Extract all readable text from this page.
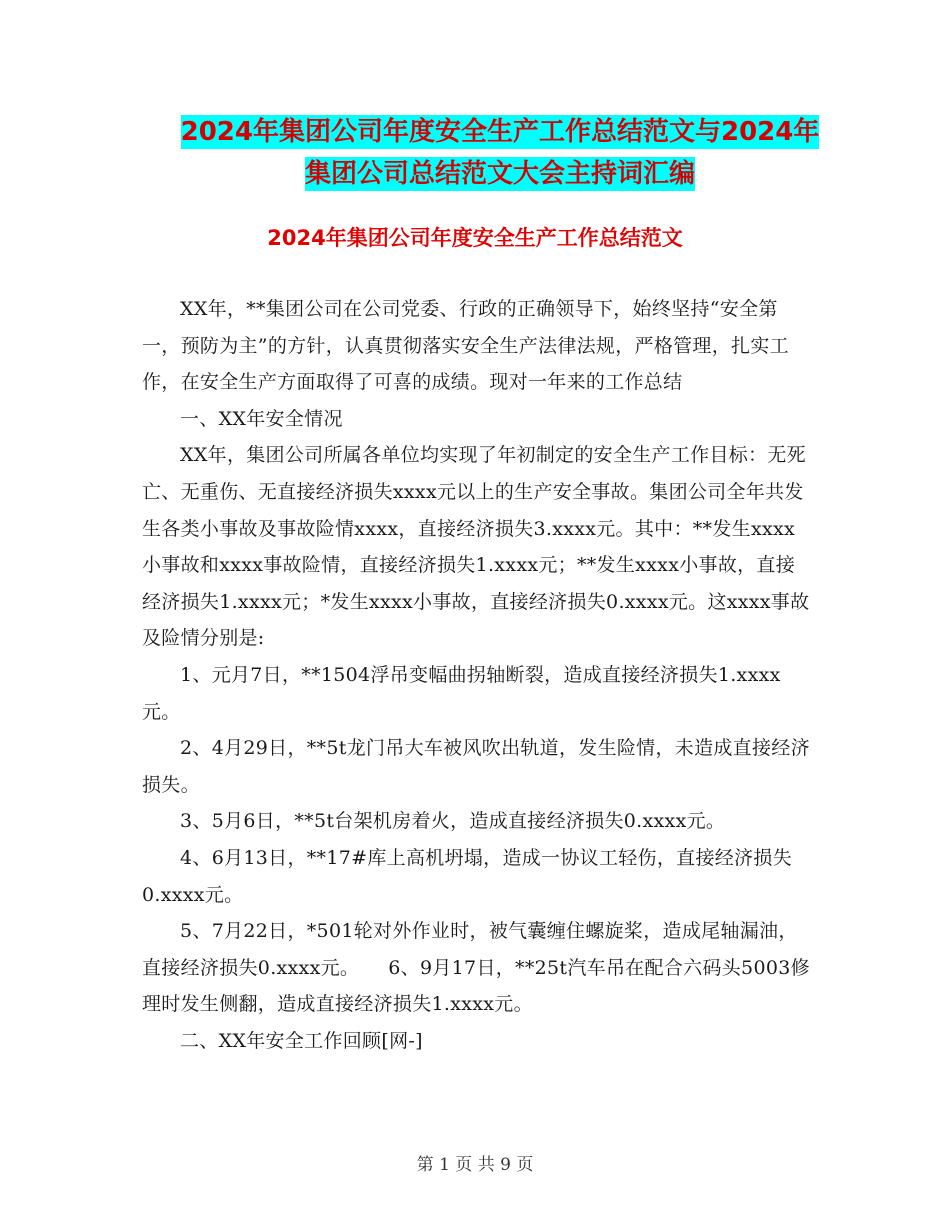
2024年集团公司年度安全生产工作总结范文与2024年
集团公司总结范文大会主持词汇编
2024年集团公司年度安全生产工作总结范文

XX年，**集团公司在公司党委、行政的正确领导下，始终坚持“安全第一，预防为主”的方针，认真贯彻落实安全生产法律法规，严格管理，扎实工作，在安全生产方面取得了可喜的成绩。现对一年来的工作总结

一、XX年安全情况

XX年，集团公司所属各单位均实现了年初制定的安全生产工作目标：无死亡、无重伤、无直接经济损失xxxx元以上的生产安全事故。集团公司全年共发生各类小事故及事故险情xxxx，直接经济损失3.xxxx元。其中：**发生xxxx小事故和xxxx事故险情，直接经济损失1.xxxx元；**发生xxxx小事故，直接经济损失1.xxxx元；*发生xxxx小事故，直接经济损失0.xxxx元。这xxxx事故及险情分别是:

1、元月7日，**1504浮吊变幅曲拐轴断裂，造成直接经济损失1.xxxx元。

2、4月29日，**5t龙门吊大车被风吹出轨道，发生险情，未造成直接经济损失。

3、5月6日，**5t台架机房着火，造成直接经济损失0.xxxx元。

4、6月13日，**17#库上高机坍塌，造成一协议工轻伤，直接经济损失0.xxxx元。

5、7月22日，*501轮对外作业时，被气囊缠住螺旋桨，造成尾轴漏油，直接经济损失0.xxxx元。　　6、9月17日，**25t汽车吊在配合六码头5003修理时发生侧翻，造成直接经济损失1.xxxx元。

二、XX年安全工作回顾[网-]

第 1 页 共 9 页
